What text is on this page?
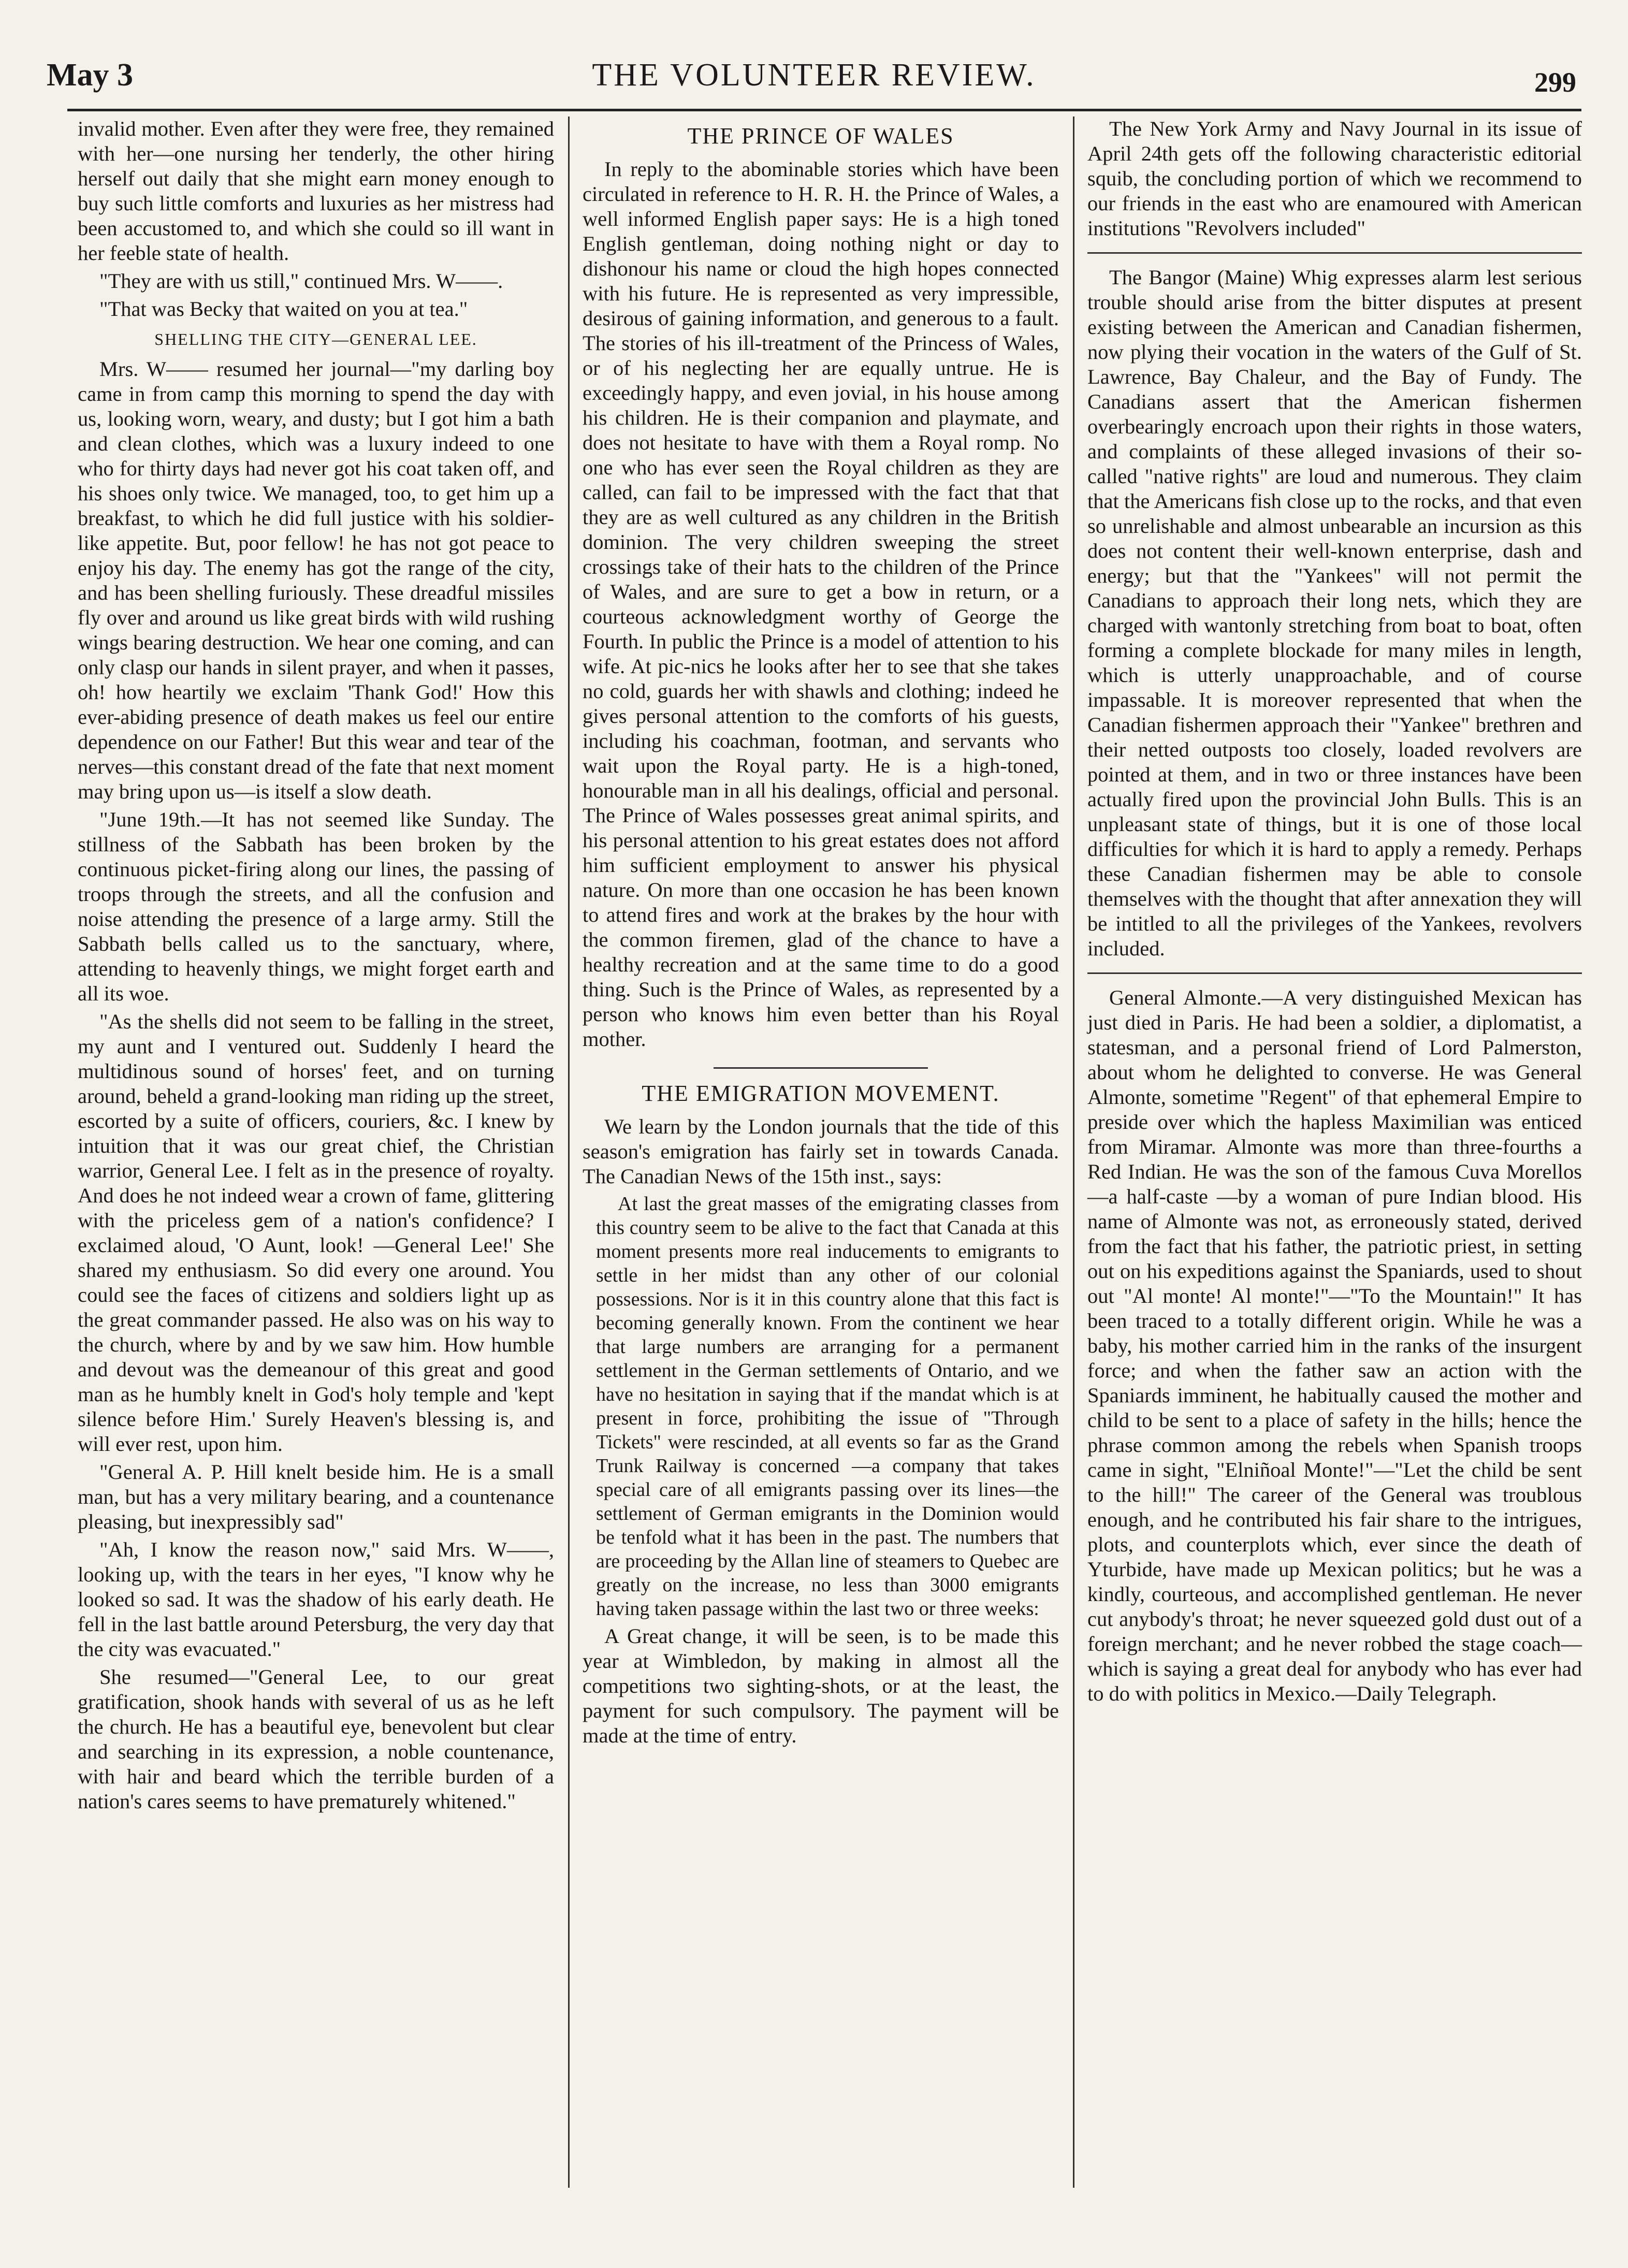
May 3	THE VOLUNTEER REVIEW.	299

invalid mother. Even after they were free, they remained with her—one nursing her tenderly, the other hiring herself out daily that she might earn money enough to buy such little comforts and luxuries as her mistress had been accustomed to, and which she could so ill want in her feeble state of health.

"They are with us still," continued Mrs. W——.

"That was Becky that waited on you at tea."

SHELLING THE CITY—GENERAL LEE.

Mrs. W—— resumed her journal—"my darling boy came in from camp this morning to spend the day with us, looking worn, weary, and dusty; but I got him a bath and clean clothes, which was a luxury indeed to one who for thirty days had never got his coat taken off, and his shoes only twice. We managed, too, to get him up a breakfast, to which he did full justice with his soldier-like appetite. But, poor fellow! he has not got peace to enjoy his day. The enemy has got the range of the city, and has been shelling furiously. These dreadful missiles fly over and around us like great birds with wild rushing wings bearing destruction. We hear one coming, and can only clasp our hands in silent prayer, and when it passes, oh! how heartily we exclaim 'Thank God!' How this ever-abiding presence of death makes us feel our entire dependence on our Father! But this wear and tear of the nerves—this constant dread of the fate that next moment may bring upon us—is itself a slow death.

"June 19th.—It has not seemed like Sunday. The stillness of the Sabbath has been broken by the continuous picket-firing along our lines, the passing of troops through the streets, and all the confusion and noise attending the presence of a large army. Still the Sabbath bells called us to the sanctuary, where, attending to heavenly things, we might forget earth and all its woe.

"As the shells did not seem to be falling in the street, my aunt and I ventured out. Suddenly I heard the multidinous sound of horses' feet, and on turning around, beheld a grand-looking man riding up the street, escorted by a suite of officers, couriers, &c. I knew by intuition that it was our great chief, the Christian warrior, General Lee. I felt as in the presence of royalty. And does he not indeed wear a crown of fame, glittering with the priceless gem of a nation's confidence? I exclaimed aloud, 'O Aunt, look! —General Lee!' She shared my enthusiasm. So did every one around. You could see the faces of citizens and soldiers light up as the great commander passed. He also was on his way to the church, where by and by we saw him. How humble and devout was the demeanour of this great and good man as he humbly knelt in God's holy temple and 'kept silence before Him.' Surely Heaven's blessing is, and will ever rest, upon him.

"General A. P. Hill knelt beside him. He is a small man, but has a very military bearing, and a countenance pleasing, but inexpressibly sad"

"Ah, I know the reason now," said Mrs. W——, looking up, with the tears in her eyes, "I know why he looked so sad. It was the shadow of his early death. He fell in the last battle around Petersburg, the very day that the city was evacuated."

She resumed—"General Lee, to our great gratification, shook hands with several of us as he left the church. He has a beautiful eye, benevolent but clear and searching in its expression, a noble countenance, with hair and beard which the terrible burden of a nation's cares seems to have prematurely whitened."

THE PRINCE OF WALES

In reply to the abominable stories which have been circulated in reference to H. R. H. the Prince of Wales, a well informed English paper says: He is a high toned English gentleman, doing nothing night or day to dishonour his name or cloud the high hopes connected with his future. He is represented as very impressible, desirous of gaining information, and generous to a fault. The stories of his ill-treatment of the Princess of Wales, or of his neglecting her are equally untrue. He is exceedingly happy, and even jovial, in his house among his children. He is their companion and playmate, and does not hesitate to have with them a Royal romp. No one who has ever seen the Royal children as they are called, can fail to be impressed with the fact that that they are as well cultured as any children in the British dominion. The very children sweeping the street crossings take of their hats to the children of the Prince of Wales, and are sure to get a bow in return, or a courteous acknowledgment worthy of George the Fourth. In public the Prince is a model of attention to his wife. At pic-nics he looks after her to see that she takes no cold, guards her with shawls and clothing; indeed he gives personal attention to the comforts of his guests, including his coachman, footman, and servants who wait upon the Royal party. He is a high-toned, honourable man in all his dealings, official and personal. The Prince of Wales possesses great animal spirits, and his personal attention to his great estates does not afford him sufficient employment to answer his physical nature. On more than one occasion he has been known to attend fires and work at the brakes by the hour with the common firemen, glad of the chance to have a healthy recreation and at the same time to do a good thing. Such is the Prince of Wales, as represented by a person who knows him even better than his Royal mother.

THE EMIGRATION MOVEMENT.

We learn by the London journals that the tide of this season's emigration has fairly set in towards Canada. The Canadian News of the 15th inst., says:

At last the great masses of the emigrating classes from this country seem to be alive to the fact that Canada at this moment presents more real inducements to emigrants to settle in her midst than any other of our colonial possessions. Nor is it in this country alone that this fact is becoming generally known. From the continent we hear that large numbers are arranging for a permanent settlement in the German settlements of Ontario, and we have no hesitation in saying that if the mandat which is at present in force, prohibiting the issue of "Through Tickets" were rescinded, at all events so far as the Grand Trunk Railway is concerned —a company that takes special care of all emigrants passing over its lines—the settlement of German emigrants in the Dominion would be tenfold what it has been in the past. The numbers that are proceeding by the Allan line of steamers to Quebec are greatly on the increase, no less than 3000 emigrants having taken passage within the last two or three weeks:

A Great change, it will be seen, is to be made this year at Wimbledon, by making in almost all the competitions two sighting-shots, or at the least, the payment for such compulsory. The payment will be made at the time of entry.

The New York Army and Navy Journal in its issue of April 24th gets off the following characteristic editorial squib, the concluding portion of which we recommend to our friends in the east who are enamoured with American institutions "Revolvers included"

The Bangor (Maine) Whig expresses alarm lest serious trouble should arise from the bitter disputes at present existing between the American and Canadian fishermen, now plying their vocation in the waters of the Gulf of St. Lawrence, Bay Chaleur, and the Bay of Fundy. The Canadians assert that the American fishermen overbearingly encroach upon their rights in those waters, and complaints of these alleged invasions of their so-called "native rights" are loud and numerous. They claim that the Americans fish close up to the rocks, and that even so unrelishable and almost unbearable an incursion as this does not content their well-known enterprise, dash and energy; but that the "Yankees" will not permit the Canadians to approach their long nets, which they are charged with wantonly stretching from boat to boat, often forming a complete blockade for many miles in length, which is utterly unapproachable, and of course impassable. It is moreover represented that when the Canadian fishermen approach their "Yankee" brethren and their netted outposts too closely, loaded revolvers are pointed at them, and in two or three instances have been actually fired upon the provincial John Bulls. This is an unpleasant state of things, but it is one of those local difficulties for which it is hard to apply a remedy. Perhaps these Canadian fishermen may be able to console themselves with the thought that after annexation they will be intitled to all the privileges of the Yankees, revolvers included.

General Almonte.—A very distinguished Mexican has just died in Paris. He had been a soldier, a diplomatist, a statesman, and a personal friend of Lord Palmerston, about whom he delighted to converse. He was General Almonte, sometime "Regent" of that ephemeral Empire to preside over which the hapless Maximilian was enticed from Miramar. Almonte was more than three-fourths a Red Indian. He was the son of the famous Cuva Morellos—a half-caste —by a woman of pure Indian blood. His name of Almonte was not, as erroneously stated, derived from the fact that his father, the patriotic priest, in setting out on his expeditions against the Spaniards, used to shout out "Al monte! Al monte!"—"To the Mountain!" It has been traced to a totally different origin. While he was a baby, his mother carried him in the ranks of the insurgent force; and when the father saw an action with the Spaniards imminent, he habitually caused the mother and child to be sent to a place of safety in the hills; hence the phrase common among the rebels when Spanish troops came in sight, "Elniñoal Monte!"—"Let the child be sent to the hill!" The career of the General was troublous enough, and he contributed his fair share to the intrigues, plots, and counterplots which, ever since the death of Yturbide, have made up Mexican politics; but he was a kindly, courteous, and accomplished gentleman. He never cut anybody's throat; he never squeezed gold dust out of a foreign merchant; and he never robbed the stage coach—which is saying a great deal for anybody who has ever had to do with politics in Mexico.—Daily Telegraph.
